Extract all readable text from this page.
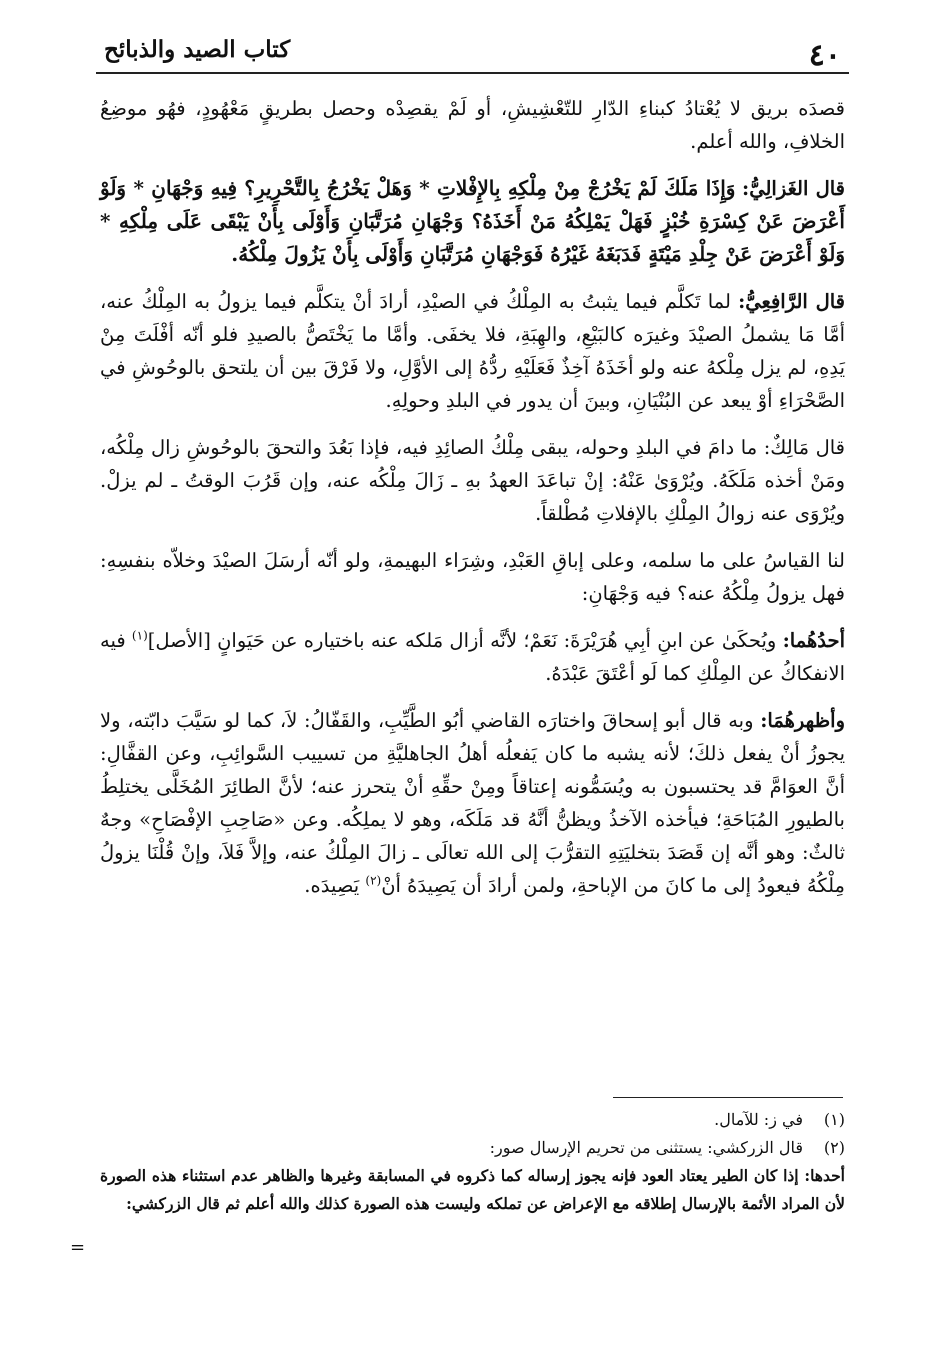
٤٠
كتاب الصيد والذبائح

قصدَه بريق لا يُعْتادُ كبناءِ الدّارِ للتّعْشِيشِ، أو لَمْ يقصِدْه وحصل بطريقٍ مَعْهُودٍ، فهُو موضِعُ الخلافِ، والله أعلم.

قال الغَزالِيُّ: وَإِذَا مَلَكَ لَمْ يَخْرُجْ مِنْ مِلْكِهِ بِالإِفْلاتِ * وَهَلْ يَخْرُجُ بِالتَّحْرِيرِ؟ فِيهِ وَجْهَانِ * وَلَوْ أَعْرَضَ عَنْ كِسْرَةِ خُبْزٍ فَهَلْ يَمْلِكُهُ مَنْ أَخَذَهُ؟ وَجْهَانِ مُرَتَّبَانِ وَأَوْلَى بِأَنْ يَبْقَى عَلَى مِلْكِهِ * وَلَوْ أَعْرَضَ عَنْ جِلْدِ مَيْتَةٍ فَدَبَغَهُ غَيْرُهُ فَوَجْهَانِ مُرَتَّبَانِ وَأَوْلَى بِأَنْ يَزُولَ مِلْكُهُ.

قال الرَّافِعِيُّ: لما تَكلَّم فيما يثبتُ به المِلْكُ في الصيْدِ، أرادَ أنْ يتكلَّم فيما يزولُ به المِلْكُ عنه، أمَّا مَا يشملُ الصيْدَ وغيرَه كالبَيْعِ، والهِبَةِ، فلا يخفَى. وأمَّا ما يَخْتَصُّ بالصيدِ فلو أنّه أفْلَتَ مِنْ يَدِهِ، لم يزل مِلْكهُ عنه ولو أخَذَهُ آخِذٌ فَعَلَيْهِ ردُّهُ إلى الأوَّلِ، ولا فَرْقَ بين أن يلتحق بالوحُوشِ في الصَّحْرَاءِ أوْ يبعد عن البُنْيَانِ، وبينَ أن يدور في البلدِ وحولِهِ.

قال مَالِكٌ: ما دامَ في البلدِ وحوله، يبقى مِلْكُ الصائِدِ فيه، فإذا بَعُدَ والتحقَ بالوحُوشِ زال مِلْكُه، ومَنْ أخذه مَلَكَهُ. ويُرْوَىٰ عَنْهُ: إنْ تباعَدَ العهدُ بهِ ـ زَالَ مِلْكُه عنه، وإن قَرُبَ الوقتُ ـ لم يزلْ. ويُرْوَى عنه زوالُ المِلْكِ بالإفلاتِ مُطْلقاً.

لنا القياسُ على ما سلمه، وعلى إباقِ العَبْدِ، وشِرَاء البهيمةِ، ولو أنّه أرسَلَ الصيْدَ وخلاّه بنفسِهِ: فهل يزولُ مِلْكُهُ عنه؟ فيه وَجْهَانِ:

أحدُهُما: ويُحكَىٰ عن ابنِ أبِي هُرَيْرَةَ: نَعَمْ؛ لأنَّه أزال مَلكه عنه باختياره عن حَيَوانٍ [الأصل]$^{(١)}$ فيه الانفكاكُ عن المِلْكِ كما لَو أعْتَقَ عَبْدَهُ.

وأظهرهُمَا: وبه قال أبو إسحاقَ واختارَه القاضي أبُو الطَّيِّبِ، والقَفّالُ: لاَ، كما لو سَيَّبَ دابّته، ولا يجوزُ أنْ يفعل ذلكَ؛ لأنه يشبه ما كان يَفعلُه أهلُ الجاهليَّةِ من تسييب السَّوائِبِ، وعن القفَّالِ: أنَّ العوَامَّ قد يحتسبون به ويُسَمُّونه إعتاقاً ومِنْ حقِّهِ أنْ يتحرز عنه؛ لأنَّ الطائِرَ المُخَلَّى يختلِطُ بالطيورِ المُبَاحَةِ؛ فيأخذه الآخذُ ويظنُّ أنَّهُ قد مَلَكَه، وهو لا يملِكُه. وعن «صَاحِبِ الإفْصَاحِ» وجهٌ ثالثٌ: وهو أنَّه إن قَصَدَ بتخليَتِهِ التقرُّبَ إلى الله تعالَى ـ زالَ المِلْكُ عنه، وإلاَّ فَلاَ، وإنْ قُلْنَا يزولُ مِلْكُهُ فيعودُ إلى ما كانَ من الإباحةِ، ولمن أرادَ أن يَصِيدَهُ أنْ$^{(٢)}$ يَصِيدَه.

(١)
في ز: للآمال.
(٢)
قال الزركشي: يستثنى من تحريم الإرسال صور:
أحدها: إذا كان الطير يعتاد العود فإنه يجوز إرساله كما ذكروه في المسابقة وغيرها والظاهر عدم استثناء هذه الصورة لأن المراد الأئمة بالإرسال إطلاقه مع الإعراض عن تملكه وليست هذه الصورة كذلك والله أعلم ثم قال الزركشي:
=
